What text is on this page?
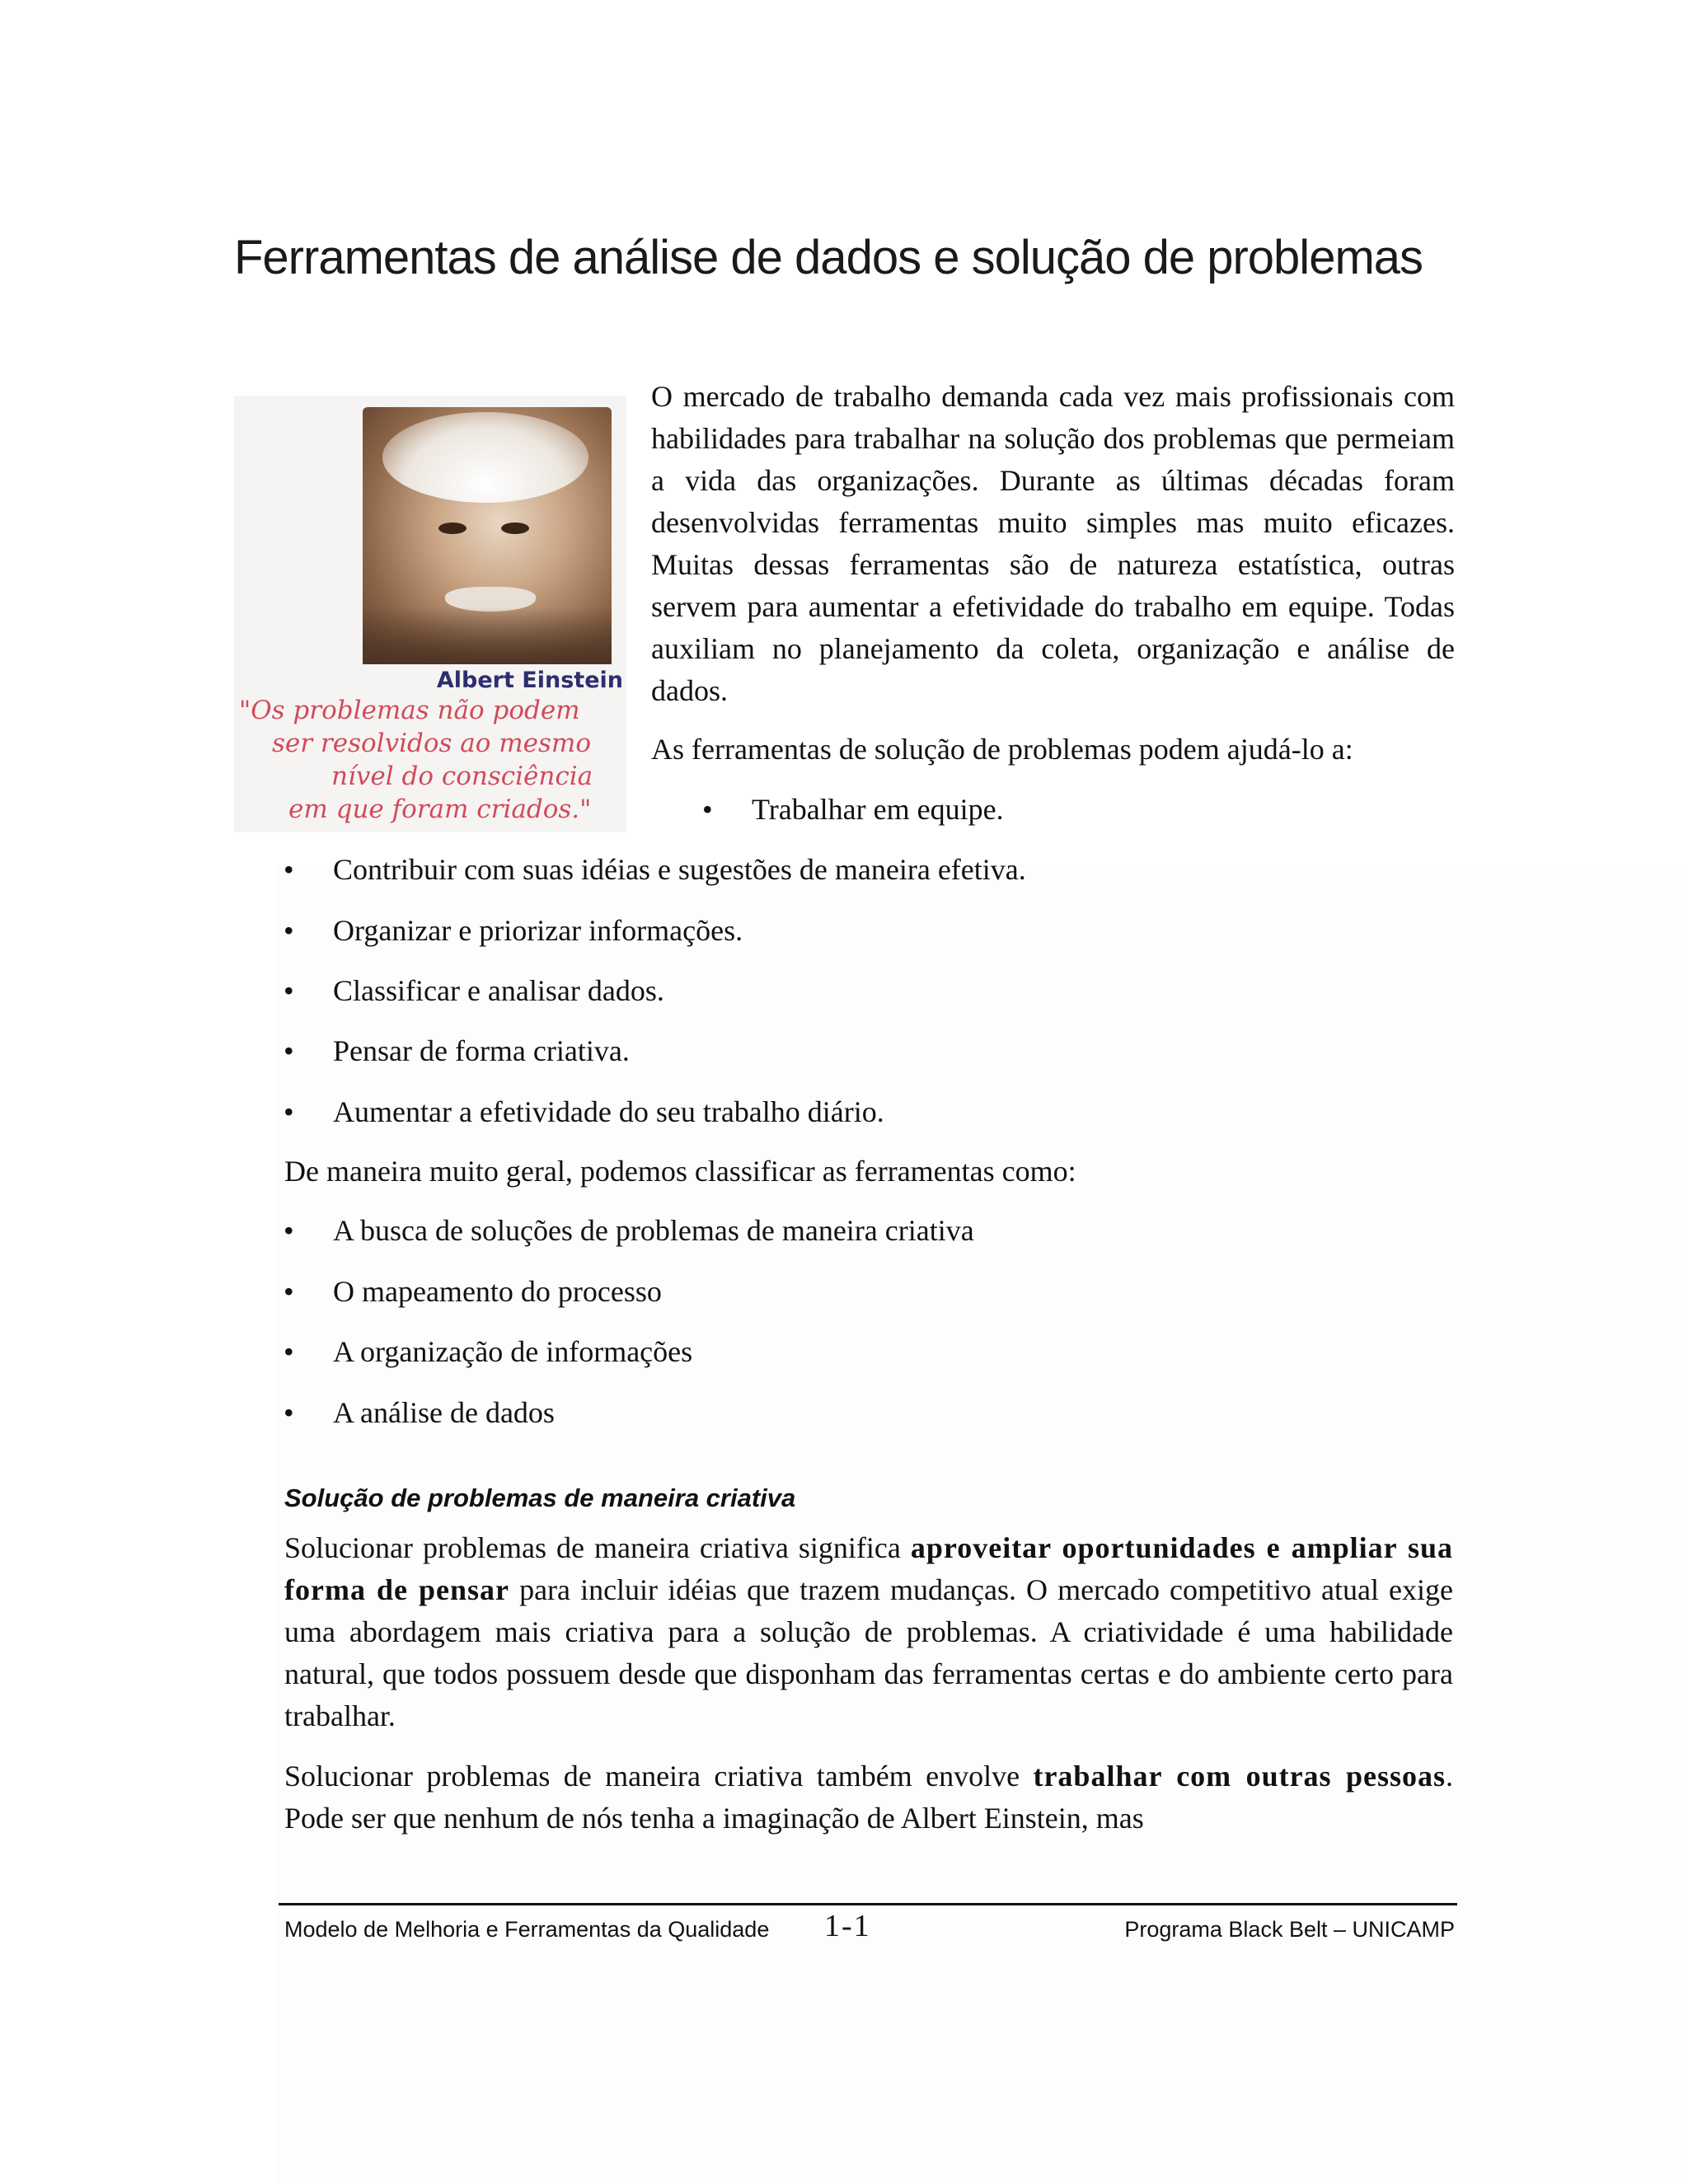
Ferramentas de análise de dados e solução de problemas
Albert Einstein
"Os problemas não podem
ser resolvidos ao mesmo
nível do consciência
em que foram criados."
O mercado de trabalho demanda cada vez mais profissionais com habilidades para trabalhar na solução dos problemas que permeiam a vida das organizações. Durante as últimas décadas foram desenvolvidas ferramentas muito simples mas muito eficazes. Muitas dessas ferramentas são de natureza estatística, outras servem para aumentar a efetividade do trabalho em equipe. Todas auxiliam no planejamento da coleta, organização e análise de dados.
As ferramentas de solução de problemas podem ajudá-lo a:
• Trabalhar em equipe.
• Contribuir com suas idéias e sugestões de maneira efetiva.
• Organizar e priorizar informações.
• Classificar e analisar dados.
• Pensar de forma criativa.
• Aumentar a efetividade do seu trabalho diário.
De maneira muito geral, podemos classificar as ferramentas como:
• A busca de soluções de problemas de maneira criativa
• O mapeamento do processo
• A organização de informações
• A análise de dados
Solução de problemas de maneira criativa
Solucionar problemas de maneira criativa significa aproveitar oportunidades e ampliar sua forma de pensar para incluir idéias que trazem mudanças. O mercado competitivo atual exige uma abordagem mais criativa para a solução de problemas. A criatividade é uma habilidade natural, que todos possuem desde que disponham das ferramentas certas e do ambiente certo para trabalhar.
Solucionar problemas de maneira criativa também envolve trabalhar com outras pessoas. Pode ser que nenhum de nós tenha a imaginação de Albert Einstein, mas
Modelo de Melhoria e Ferramentas da Qualidade 1-1	Programa Black Belt – UNICAMP
